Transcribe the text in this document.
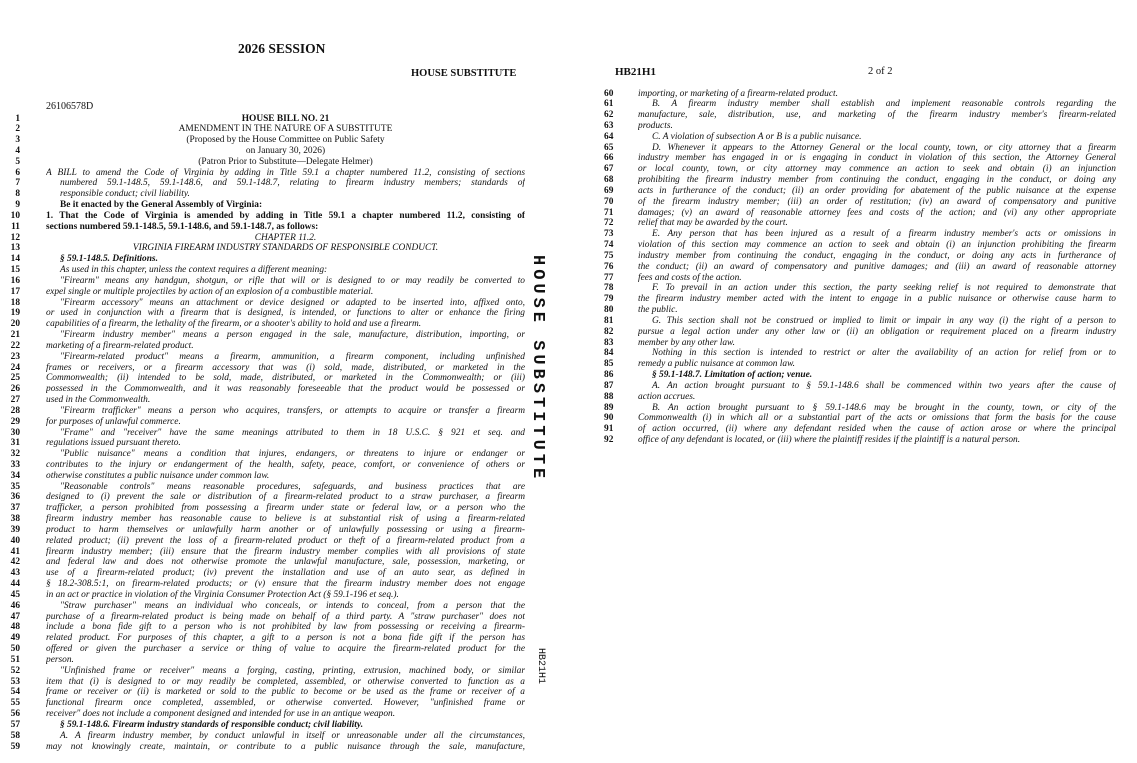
2026 SESSION
HOUSE SUBSTITUTE
26106578D
1	HOUSE BILL NO. 21
2	AMENDMENT IN THE NATURE OF A SUBSTITUTE
3	(Proposed by the House Committee on Public Safety
4	on January 30, 2026)
5	(Patron Prior to Substitute—Delegate Helmer)
6	A BILL to amend the Code of Virginia by adding in Title 59.1 a chapter numbered 11.2, consisting of sections
7	numbered 59.1-148.5, 59.1-148.6, and 59.1-148.7, relating to firearm industry members; standards of
8	responsible conduct; civil liability.
9	Be it enacted by the General Assembly of Virginia:
10	1. That the Code of Virginia is amended by adding in Title 59.1 a chapter numbered 11.2, consisting of
11	sections numbered 59.1-148.5, 59.1-148.6, and 59.1-148.7, as follows:
12	CHAPTER 11.2.
13	VIRGINIA FIREARM INDUSTRY STANDARDS OF RESPONSIBLE CONDUCT.
14	§ 59.1-148.5. Definitions.
15	As used in this chapter, unless the context requires a different meaning:
16	"Firearm" means any handgun, shotgun, or rifle that will or is designed to or may readily be converted to
17	expel single or multiple projectiles by action of an explosion of a combustible material.
18	"Firearm accessory" means an attachment or device designed or adapted to be inserted into, affixed onto,
19	or used in conjunction with a firearm that is designed, is intended, or functions to alter or enhance the firing
20	capabilities of a firearm, the lethality of the firearm, or a shooter's ability to hold and use a firearm.
21	"Firearm industry member" means a person engaged in the sale, manufacture, distribution, importing, or
22	marketing of a firearm-related product.
23	"Firearm-related product" means a firearm, ammunition, a firearm component, including unfinished
24	frames or receivers, or a firearm accessory that was (i) sold, made, distributed, or marketed in the
25	Commonwealth; (ii) intended to be sold, made, distributed, or marketed in the Commonwealth; or (iii)
26	possessed in the Commonwealth, and it was reasonably foreseeable that the product would be possessed or
27	used in the Commonwealth.
28	"Firearm trafficker" means a person who acquires, transfers, or attempts to acquire or transfer a firearm
29	for purposes of unlawful commerce.
30	"Frame" and "receiver" have the same meanings attributed to them in 18 U.S.C. § 921 et seq. and
31	regulations issued pursuant thereto.
32	"Public nuisance" means a condition that injures, endangers, or threatens to injure or endanger or
33	contributes to the injury or endangerment of the health, safety, peace, comfort, or convenience of others or
34	otherwise constitutes a public nuisance under common law.
35	"Reasonable controls" means reasonable procedures, safeguards, and business practices that are
36	designed to (i) prevent the sale or distribution of a firearm-related product to a straw purchaser, a firearm
37	trafficker, a person prohibited from possessing a firearm under state or federal law, or a person who the
38	firearm industry member has reasonable cause to believe is at substantial risk of using a firearm-related
39	product to harm themselves or unlawfully harm another or of unlawfully possessing or using a firearm-
40	related product; (ii) prevent the loss of a firearm-related product or theft of a firearm-related product from a
41	firearm industry member; (iii) ensure that the firearm industry member complies with all provisions of state
42	and federal law and does not otherwise promote the unlawful manufacture, sale, possession, marketing, or
43	use of a firearm-related product; (iv) prevent the installation and use of an auto sear, as defined in
44	§ 18.2-308.5:1, on firearm-related products; or (v) ensure that the firearm industry member does not engage
45	in an act or practice in violation of the Virginia Consumer Protection Act (§ 59.1-196 et seq.).
46	"Straw purchaser" means an individual who conceals, or intends to conceal, from a person that the
47	purchase of a firearm-related product is being made on behalf of a third party. A "straw purchaser" does not
48	include a bona fide gift to a person who is not prohibited by law from possessing or receiving a firearm-
49	related product. For purposes of this chapter, a gift to a person is not a bona fide gift if the person has
50	offered or given the purchaser a service or thing of value to acquire the firearm-related product for the
51	person.
52	"Unfinished frame or receiver" means a forging, casting, printing, extrusion, machined body, or similar
53	item that (i) is designed to or may readily be completed, assembled, or otherwise converted to function as a
54	frame or receiver or (ii) is marketed or sold to the public to become or be used as the frame or receiver of a
55	functional firearm once completed, assembled, or otherwise converted. However, "unfinished frame or
56	receiver" does not include a component designed and intended for use in an antique weapon.
57	§ 59.1-148.6. Firearm industry standards of responsible conduct; civil liability.
58	A. A firearm industry member, by conduct unlawful in itself or unreasonable under all the circumstances,
59	may not knowingly create, maintain, or contribute to a public nuisance through the sale, manufacture,
HOUSE SUBSTITUTE
HB21H1
HB21H1	2 of 2
60	importing, or marketing of a firearm-related product.
61	B. A firearm industry member shall establish and implement reasonable controls regarding the
62	manufacture, sale, distribution, use, and marketing of the firearm industry member's firearm-related
63	products.
64	C. A violation of subsection A or B is a public nuisance.
65	D. Whenever it appears to the Attorney General or the local county, town, or city attorney that a firearm
66	industry member has engaged in or is engaging in conduct in violation of this section, the Attorney General
67	or local county, town, or city attorney may commence an action to seek and obtain (i) an injunction
68	prohibiting the firearm industry member from continuing the conduct, engaging in the conduct, or doing any
69	acts in furtherance of the conduct; (ii) an order providing for abatement of the public nuisance at the expense
70	of the firearm industry member; (iii) an order of restitution; (iv) an award of compensatory and punitive
71	damages; (v) an award of reasonable attorney fees and costs of the action; and (vi) any other appropriate
72	relief that may be awarded by the court.
73	E. Any person that has been injured as a result of a firearm industry member's acts or omissions in
74	violation of this section may commence an action to seek and obtain (i) an injunction prohibiting the firearm
75	industry member from continuing the conduct, engaging in the conduct, or doing any acts in furtherance of
76	the conduct; (ii) an award of compensatory and punitive damages; and (iii) an award of reasonable attorney
77	fees and costs of the action.
78	F. To prevail in an action under this section, the party seeking relief is not required to demonstrate that
79	the firearm industry member acted with the intent to engage in a public nuisance or otherwise cause harm to
80	the public.
81	G. This section shall not be construed or implied to limit or impair in any way (i) the right of a person to
82	pursue a legal action under any other law or (ii) an obligation or requirement placed on a firearm industry
83	member by any other law.
84	Nothing in this section is intended to restrict or alter the availability of an action for relief from or to
85	remedy a public nuisance at common law.
86	§ 59.1-148.7. Limitation of action; venue.
87	A. An action brought pursuant to § 59.1-148.6 shall be commenced within two years after the cause of
88	action accrues.
89	B. An action brought pursuant to § 59.1-148.6 may be brought in the county, town, or city of the
90	Commonwealth (i) in which all or a substantial part of the acts or omissions that form the basis for the cause
91	of action occurred, (ii) where any defendant resided when the cause of action arose or where the principal
92	office of any defendant is located, or (iii) where the plaintiff resides if the plaintiff is a natural person.
